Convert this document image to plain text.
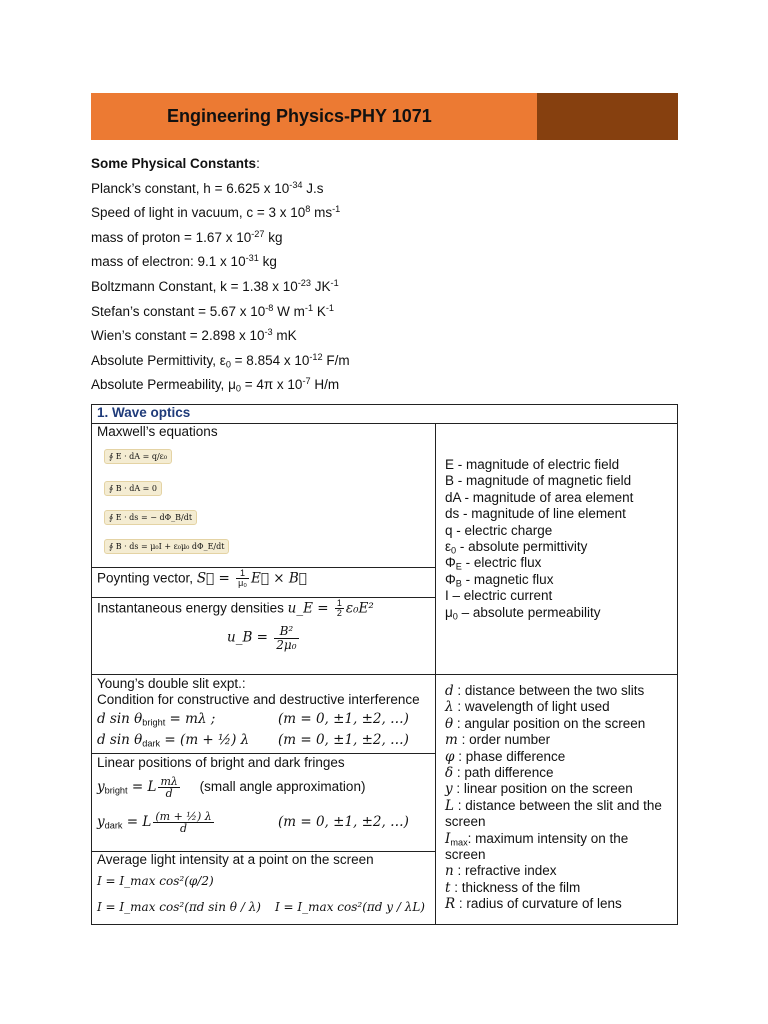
Engineering Physics-PHY 1071
Some Physical Constants:
Planck’s constant, h = 6.625 x $10^{-34}$ J.s
Speed of light in vacuum, c = 3 x $10^8$ $ms^{-1}$
mass of proton = 1.67 x $10^{-27}$ kg
mass of electron: 9.1 x $10^{-31}$ kg
Boltzmann Constant, k = 1.38 x $10^{-23}$ $JK^{-1}$
Stefan’s constant = 5.67 x $10^{-8}$ W $m^{-1}$ $K^{-1}$
Wien’s constant = 2.898 x $10^{-3}$ mK
Absolute Permittivity, $\varepsilon_0 = 8.854$ x $10^{-12}$ F/m
Absolute Permeability, $\mu_0 = 4\pi$ x $10^{-7}$ H/m
1. Wave optics
Maxwell’s equations
∮ E · dA = q/ε₀
∮ B · dA = 0
∮ E · ds = − dΦ_B/dt
∮ B · ds = μ₀I + ε₀μ₀ dΦ_E/dt
Poynting vector, S⃗ = $\frac{1}{\text{μ₀}}$ E⃗ × B⃗
Instantaneous energy densities u_E = $\frac{1}{2} \varepsilon_0E^2$
u_B = $\frac{\text{B²}}{\text{2μ₀}}$
E - magnitude of electric field
B - magnitude of magnetic field
dA - magnitude of area element
ds - magnitude of line element
q - electric charge
$\varepsilon_0$ - absolute permittivity
$\Phi_E$ - electric flux
$\Phi_B$ - magnetic flux
I – electric current
$\mu_0$ – absolute permeability
Young’s double slit expt.:
Condition for constructive and destructive interference
d $\sin \theta_{bright} = m\lambda$ ;	(m = 0, ±1, ±2, …)
d $\sin \theta_{dark} = (m$ + ½) λ (m = 0, ±1, ±2, …)
Linear positions of bright and dark fringes
$y_{bright} = L \frac{m\lambda}{d}$ (small angle approximation)
$y_{dark} = L \frac{\text{(m + ½) λ}}{d}$	(m = 0, ±1, ±2, …)
Average light intensity at a point on the screen
I = I_max cos²(φ/2)
I = I_max cos²(πd sin θ / λ) I = I_max cos²(πd y / λL)
d : distance between the two slits
λ : wavelength of light used
θ : angular position on the screen
m : order number
φ : phase difference
δ : path difference
y : linear position on the screen
L : distance between the slit and the
screen
$I_{max}$: maximum intensity on the
screen
n : refractive index
t : thickness of the film
R : radius of curvature of lens
